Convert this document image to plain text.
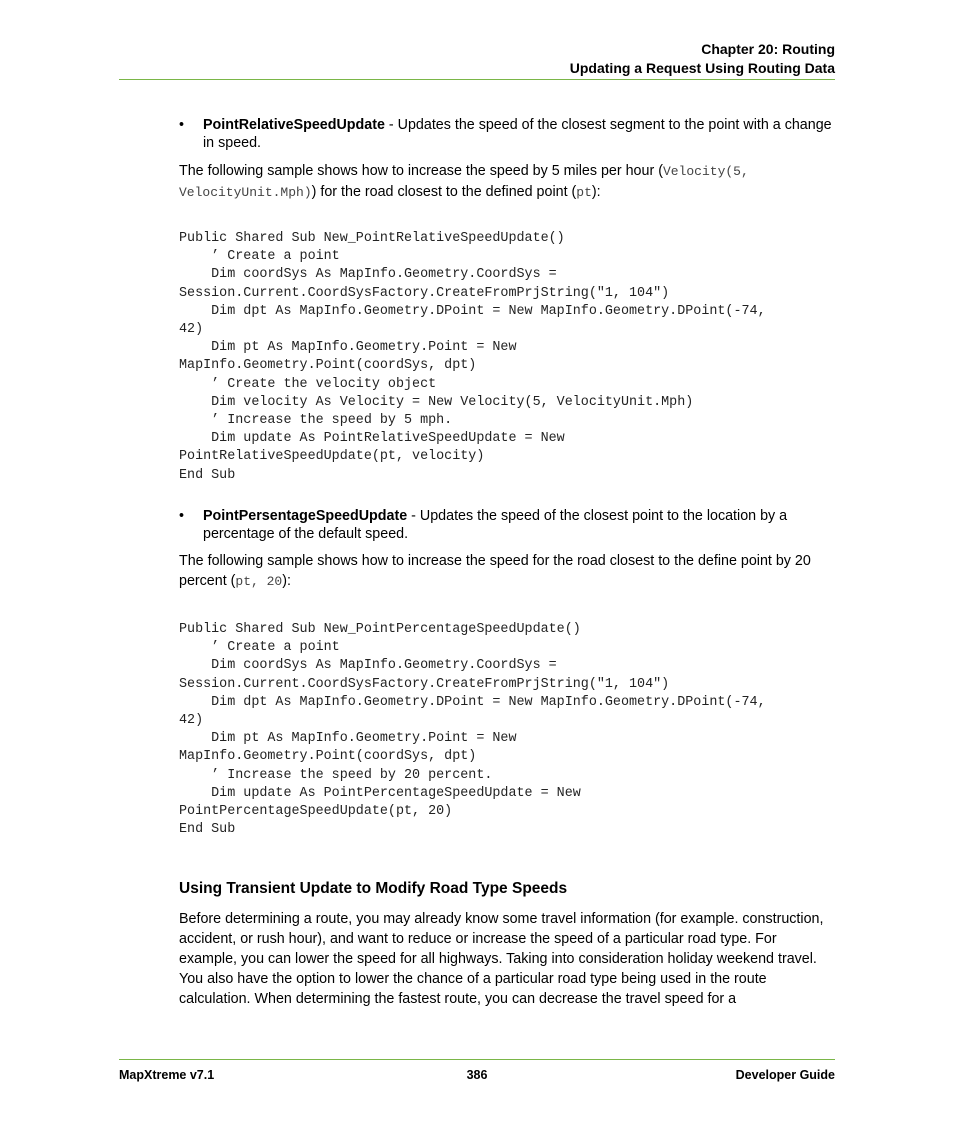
Chapter 20: Routing
Updating a Request Using Routing Data
• PointRelativeSpeedUpdate - Updates the speed of the closest segment to the point with a change in speed.
The following sample shows how to increase the speed by 5 miles per hour (Velocity(5, VelocityUnit.Mph)) for the road closest to the defined point (pt):
Public Shared Sub New_PointRelativeSpeedUpdate()
’ Create a point
Dim coordSys As MapInfo.Geometry.CoordSys =
Session.Current.CoordSysFactory.CreateFromPrjString("1, 104")
Dim dpt As MapInfo.Geometry.DPoint = New MapInfo.Geometry.DPoint(-74,
42)
Dim pt As MapInfo.Geometry.Point = New
MapInfo.Geometry.Point(coordSys, dpt)
’ Create the velocity object
Dim velocity As Velocity = New Velocity(5, VelocityUnit.Mph)
’ Increase the speed by 5 mph.
Dim update As PointRelativeSpeedUpdate = New
PointRelativeSpeedUpdate(pt, velocity)
End Sub
• PointPersentageSpeedUpdate - Updates the speed of the closest point to the location by a percentage of the default speed.
The following sample shows how to increase the speed for the road closest to the define point by 20 percent (pt, 20):
Public Shared Sub New_PointPercentageSpeedUpdate()
’ Create a point
Dim coordSys As MapInfo.Geometry.CoordSys =
Session.Current.CoordSysFactory.CreateFromPrjString("1, 104")
Dim dpt As MapInfo.Geometry.DPoint = New MapInfo.Geometry.DPoint(-74,
42)
Dim pt As MapInfo.Geometry.Point = New
MapInfo.Geometry.Point(coordSys, dpt)
’ Increase the speed by 20 percent.
Dim update As PointPercentageSpeedUpdate = New
PointPercentageSpeedUpdate(pt, 20)
End Sub
Using Transient Update to Modify Road Type Speeds
Before determining a route, you may already know some travel information (for example. construction, accident, or rush hour), and want to reduce or increase the speed of a particular road type. For example, you can lower the speed for all highways. Taking into consideration holiday weekend travel. You also have the option to lower the chance of a particular road type being used in the route calculation. When determining the fastest route, you can decrease the travel speed for a
MapXtreme v7.1	386	Developer Guide
